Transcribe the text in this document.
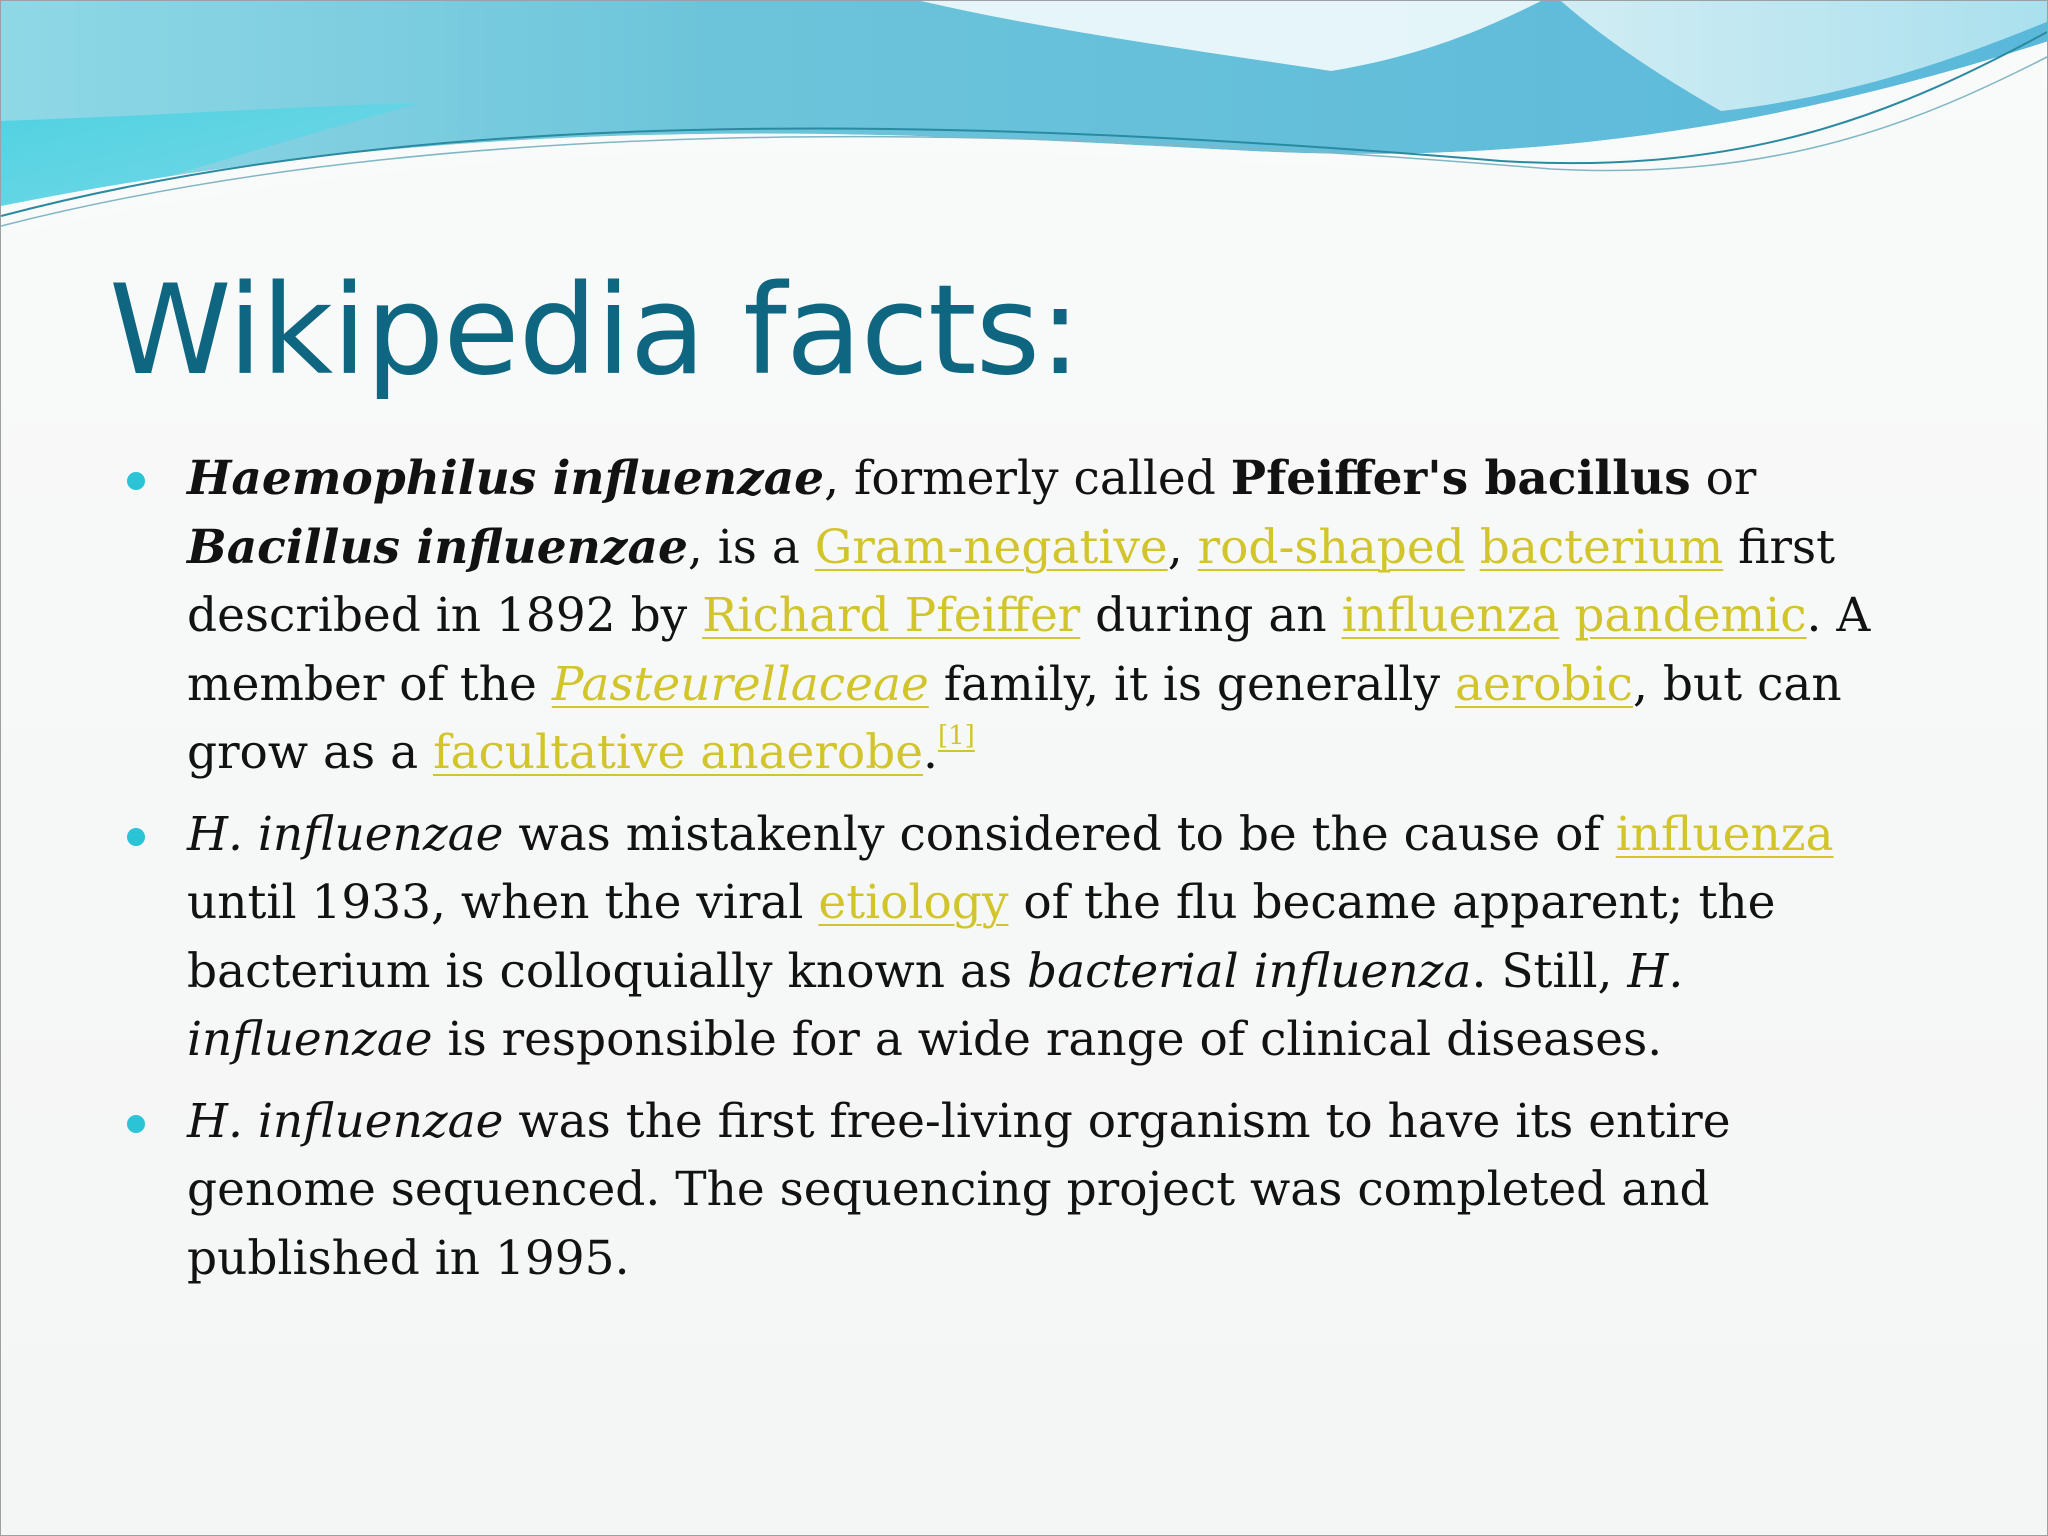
Wikipedia facts:
Haemophilus influenzae, formerly called Pfeiffer's bacillus or Bacillus influenzae, is a Gram-negative, rod-shaped bacterium first described in 1892 by Richard Pfeiffer during an influenza pandemic. A member of the Pasteurellaceae family, it is generally aerobic, but can grow as a facultative anaerobe.[1]
H. influenzae was mistakenly considered to be the cause of influenza until 1933, when the viral etiology of the flu became apparent; the bacterium is colloquially known as bacterial influenza. Still, H. influenzae is responsible for a wide range of clinical diseases.
H. influenzae was the first free-living organism to have its entire genome sequenced. The sequencing project was completed and published in 1995.
